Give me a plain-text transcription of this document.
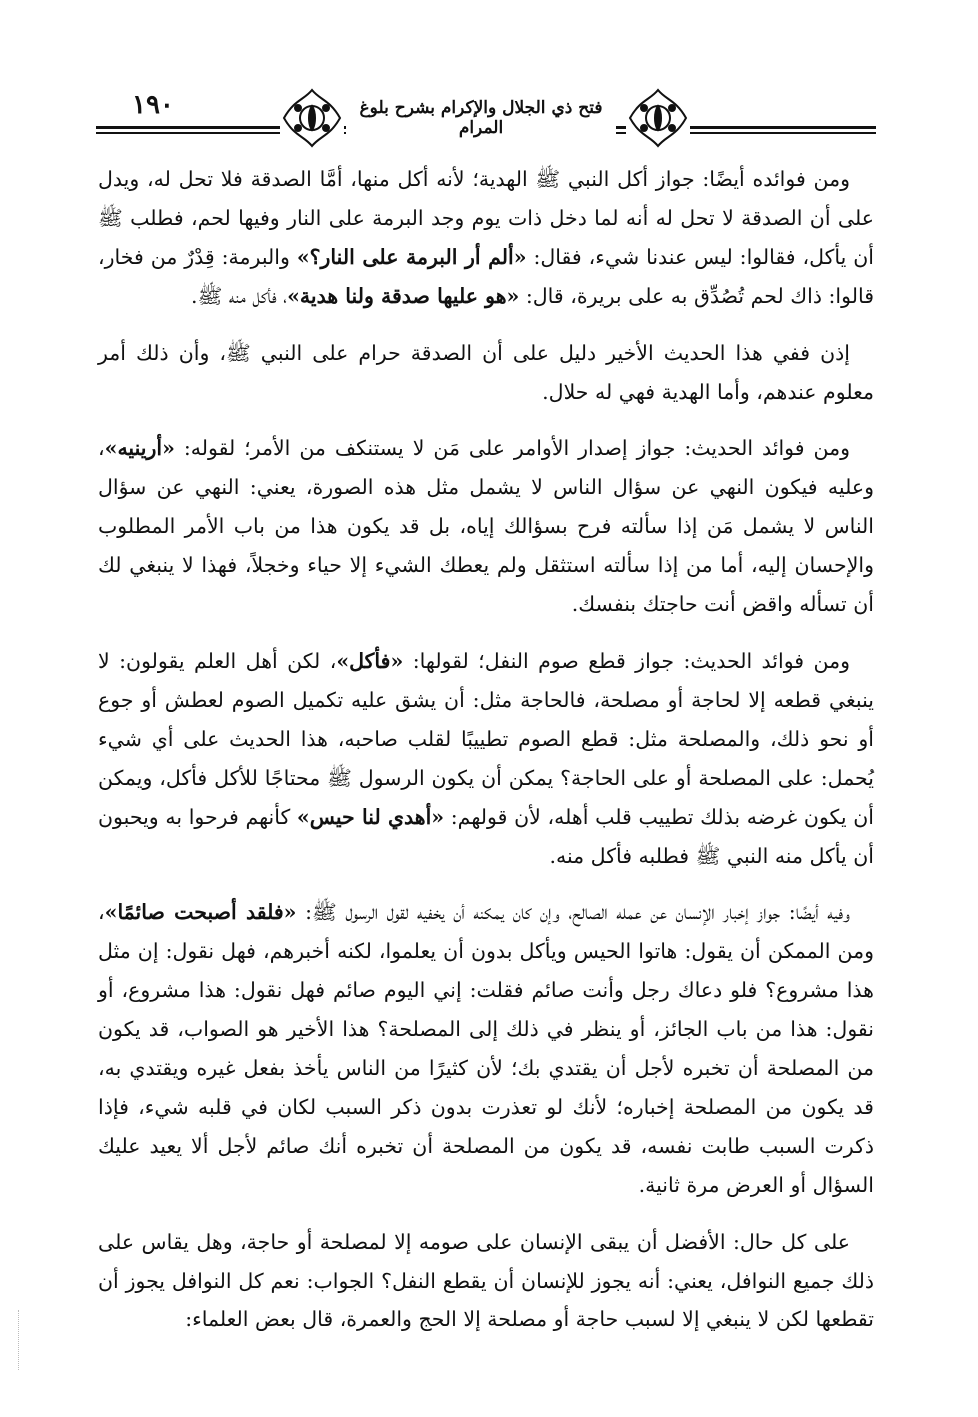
١٩٠	فتح ذي الجلال والإكرام بشرح بلوغ المرام

ومن فوائده أيضًا: جواز أكل النبي ﷺ الهدية؛ لأنه أكل منها، أمَّا الصدقة فلا تحل له، ويدل على أن الصدقة لا تحل له أنه لما دخل ذات يوم وجد البرمة على النار وفيها لحم، فطلب ﷺ أن يأكل، فقالوا: ليس عندنا شيء، فقال: «ألم أر البرمة على النار؟» والبرمة: قِدْرٌ من فخار، قالوا: ذاك لحم تُصُدِّق به على بريرة، قال: «هو عليها صدقة ولنا هدية»، فأكل منه ﷺ.

إذن ففي هذا الحديث الأخير دليل على أن الصدقة حرام على النبي ﷺ، وأن ذلك أمر معلوم عندهم، وأما الهدية فهي له حلال.

ومن فوائد الحديث: جواز إصدار الأوامر على مَن لا يستنكف من الأمر؛ لقوله: «أرينيه»، وعليه فيكون النهي عن سؤال الناس لا يشمل مثل هذه الصورة، يعني: النهي عن سؤال الناس لا يشمل مَن إذا سألته فرح بسؤالك إياه، بل قد يكون هذا من باب الأمر المطلوب والإحسان إليه، أما من إذا سألته استثقل ولم يعطك الشيء إلا حياء وخجلاً، فهذا لا ينبغي لك أن تسأله واقض أنت حاجتك بنفسك.

ومن فوائد الحديث: جواز قطع صوم النفل؛ لقولها: «فأكل»، لكن أهل العلم يقولون: لا ينبغي قطعه إلا لحاجة أو مصلحة، فالحاجة مثل: أن يشق عليه تكميل الصوم لعطش أو جوع أو نحو ذلك، والمصلحة مثل: قطع الصوم تطييبًا لقلب صاحبه، هذا الحديث على أي شيء يُحمل: على المصلحة أو على الحاجة؟ يمكن أن يكون الرسول ﷺ محتاجًا للأكل فأكل، ويمكن أن يكون غرضه بذلك تطييب قلب أهله، لأن قولهم: «أهدي لنا حيس» كأنهم فرحوا به ويحبون أن يأكل منه النبي ﷺ فطلبه فأكل منه.

وفيه أيضًا: جواز إخبار الإنسان عن عمله الصالح، وإن كان يمكنه أن يخفيه لقول الرسول ﷺ: «فلقد أصبحت صائمًا»، ومن الممكن أن يقول: هاتوا الحيس ويأكل بدون أن يعلموا، لكنه أخبرهم، فهل نقول: إن مثل هذا مشروع؟ فلو دعاك رجل وأنت صائم فقلت: إني اليوم صائم فهل نقول: هذا مشروع، أو نقول: هذا من باب الجائز، أو ينظر في ذلك إلى المصلحة؟ هذا الأخير هو الصواب، قد يكون من المصلحة أن تخبره لأجل أن يقتدي بك؛ لأن كثيرًا من الناس يأخذ بفعل غيره ويقتدي به، قد يكون من المصلحة إخباره؛ لأنك لو تعذرت بدون ذكر السبب لكان في قلبه شيء، فإذا ذكرت السبب طابت نفسه، قد يكون من المصلحة أن تخبره أنك صائم لأجل ألا يعيد عليك السؤال أو العرض مرة ثانية.

على كل حال: الأفضل أن يبقى الإنسان على صومه إلا لمصلحة أو حاجة، وهل يقاس على ذلك جميع النوافل، يعني: أنه يجوز للإنسان أن يقطع النفل؟ الجواب: نعم كل النوافل يجوز أن تقطعها لكن لا ينبغي إلا لسبب حاجة أو مصلحة إلا الحج والعمرة، قال بعض العلماء:
